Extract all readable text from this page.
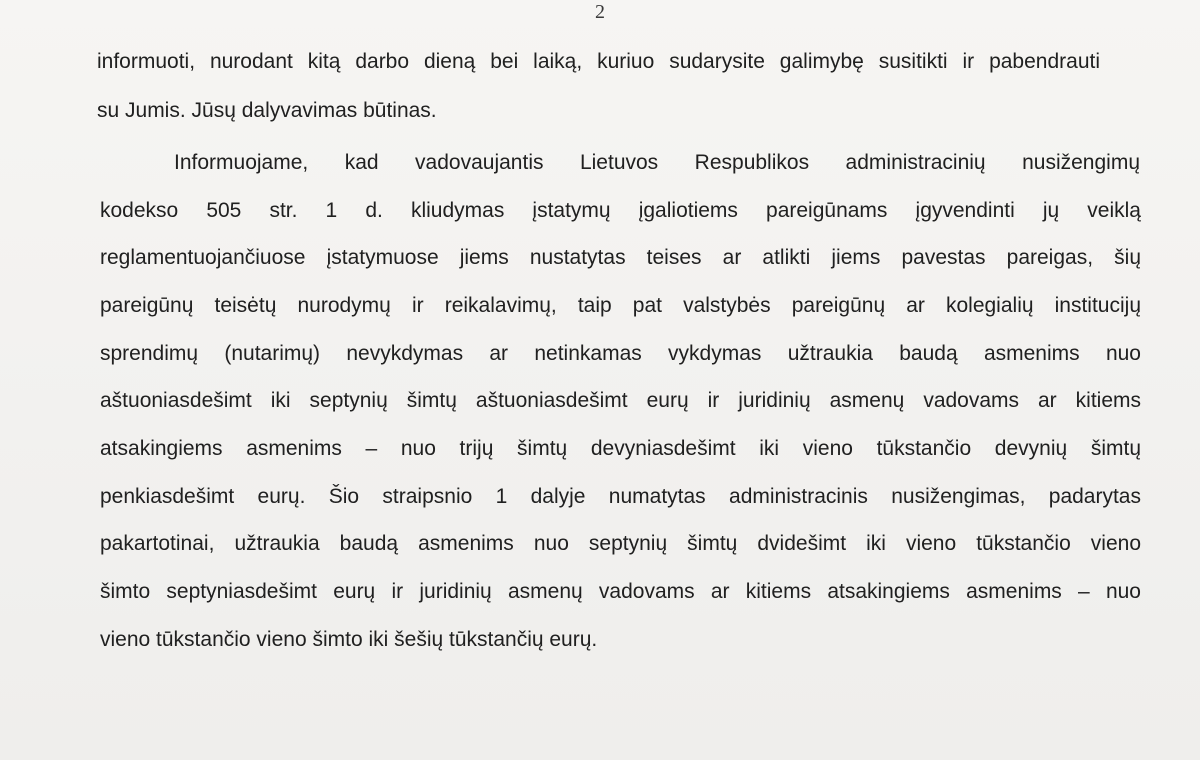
2
informuoti, nurodant kitą darbo dieną bei laiką, kuriuo sudarysite galimybę susitikti ir pabendrauti
su Jumis. Jūsų dalyvavimas būtinas.
Informuojame, kad vadovaujantis Lietuvos Respublikos administracinių nusižengimų
kodekso 505 str. 1 d. kliudymas įstatymų įgaliotiems pareigūnams įgyvendinti jų veiklą
reglamentuojančiuose įstatymuose jiems nustatytas teises ar atlikti jiems pavestas pareigas, šių
pareigūnų teisėtų nurodymų ir reikalavimų, taip pat valstybės pareigūnų ar kolegialių institucijų
sprendimų (nutarimų) nevykdymas ar netinkamas vykdymas užtraukia baudą asmenims nuo
aštuoniasdešimt iki septynių šimtų aštuoniasdešimt eurų ir juridinių asmenų vadovams ar kitiems
atsakingiems asmenims – nuo trijų šimtų devyniasdešimt iki vieno tūkstančio devynių šimtų
penkiasdešimt eurų. Šio straipsnio 1 dalyje numatytas administracinis nusižengimas, padarytas
pakartotinai, užtraukia baudą asmenims nuo septynių šimtų dvidešimt iki vieno tūkstančio vieno
šimto septyniasdešimt eurų ir juridinių asmenų vadovams ar kitiems atsakingiems asmenims – nuo
vieno tūkstančio vieno šimto iki šešių tūkstančių eurų.
